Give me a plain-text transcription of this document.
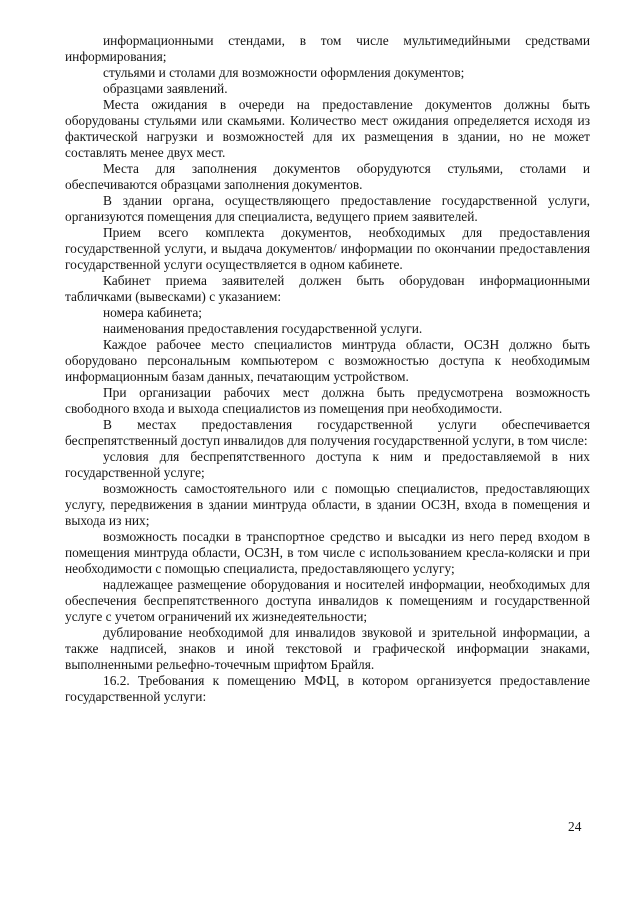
информационными стендами, в том числе мультимедийными средствами информирования;

стульями и столами для возможности оформления документов;

образцами заявлений.

Места ожидания в очереди на предоставление документов должны быть оборудованы стульями или скамьями. Количество мест ожидания определяется исходя из фактической нагрузки и возможностей для их размещения в здании, но не может составлять менее двух мест.

Места для заполнения документов оборудуются стульями, столами и обеспечиваются образцами заполнения документов.

В здании органа, осуществляющего предоставление государственной услуги, организуются помещения для специалиста, ведущего прием заявителей.

Прием всего комплекта документов, необходимых для предоставления государственной услуги, и выдача документов/ информации по окончании предоставления государственной услуги осуществляется в одном кабинете.

Кабинет приема заявителей должен быть оборудован информационными табличками (вывесками) с указанием:

номера кабинета;

наименования предоставления государственной услуги.

Каждое рабочее место специалистов минтруда области, ОСЗН должно быть оборудовано персональным компьютером с возможностью доступа к необходимым информационным базам данных, печатающим устройством.

При организации рабочих мест должна быть предусмотрена возможность свободного входа и выхода специалистов из помещения при необходимости.

В местах предоставления государственной услуги обеспечивается беспрепятственный доступ инвалидов для получения государственной услуги, в том числе:

условия для беспрепятственного доступа к ним и предоставляемой в них государственной услуге;

возможность самостоятельного или с помощью специалистов, предоставляющих услугу, передвижения в здании минтруда области, в здании ОСЗН, входа в помещения и выхода из них;

возможность посадки в транспортное средство и высадки из него перед входом в помещения минтруда области, ОСЗН, в том числе с использованием кресла-коляски и при необходимости с помощью специалиста, предоставляющего услугу;

надлежащее размещение оборудования и носителей информации, необходимых для обеспечения беспрепятственного доступа инвалидов к помещениям и государственной услуге с учетом ограничений их жизнедеятельности;

дублирование необходимой для инвалидов звуковой и зрительной информации, а также надписей, знаков и иной текстовой и графической информации знаками, выполненными рельефно-точечным шрифтом Брайля.

16.2. Требования к помещению МФЦ, в котором организуется предоставление государственной услуги:

24
